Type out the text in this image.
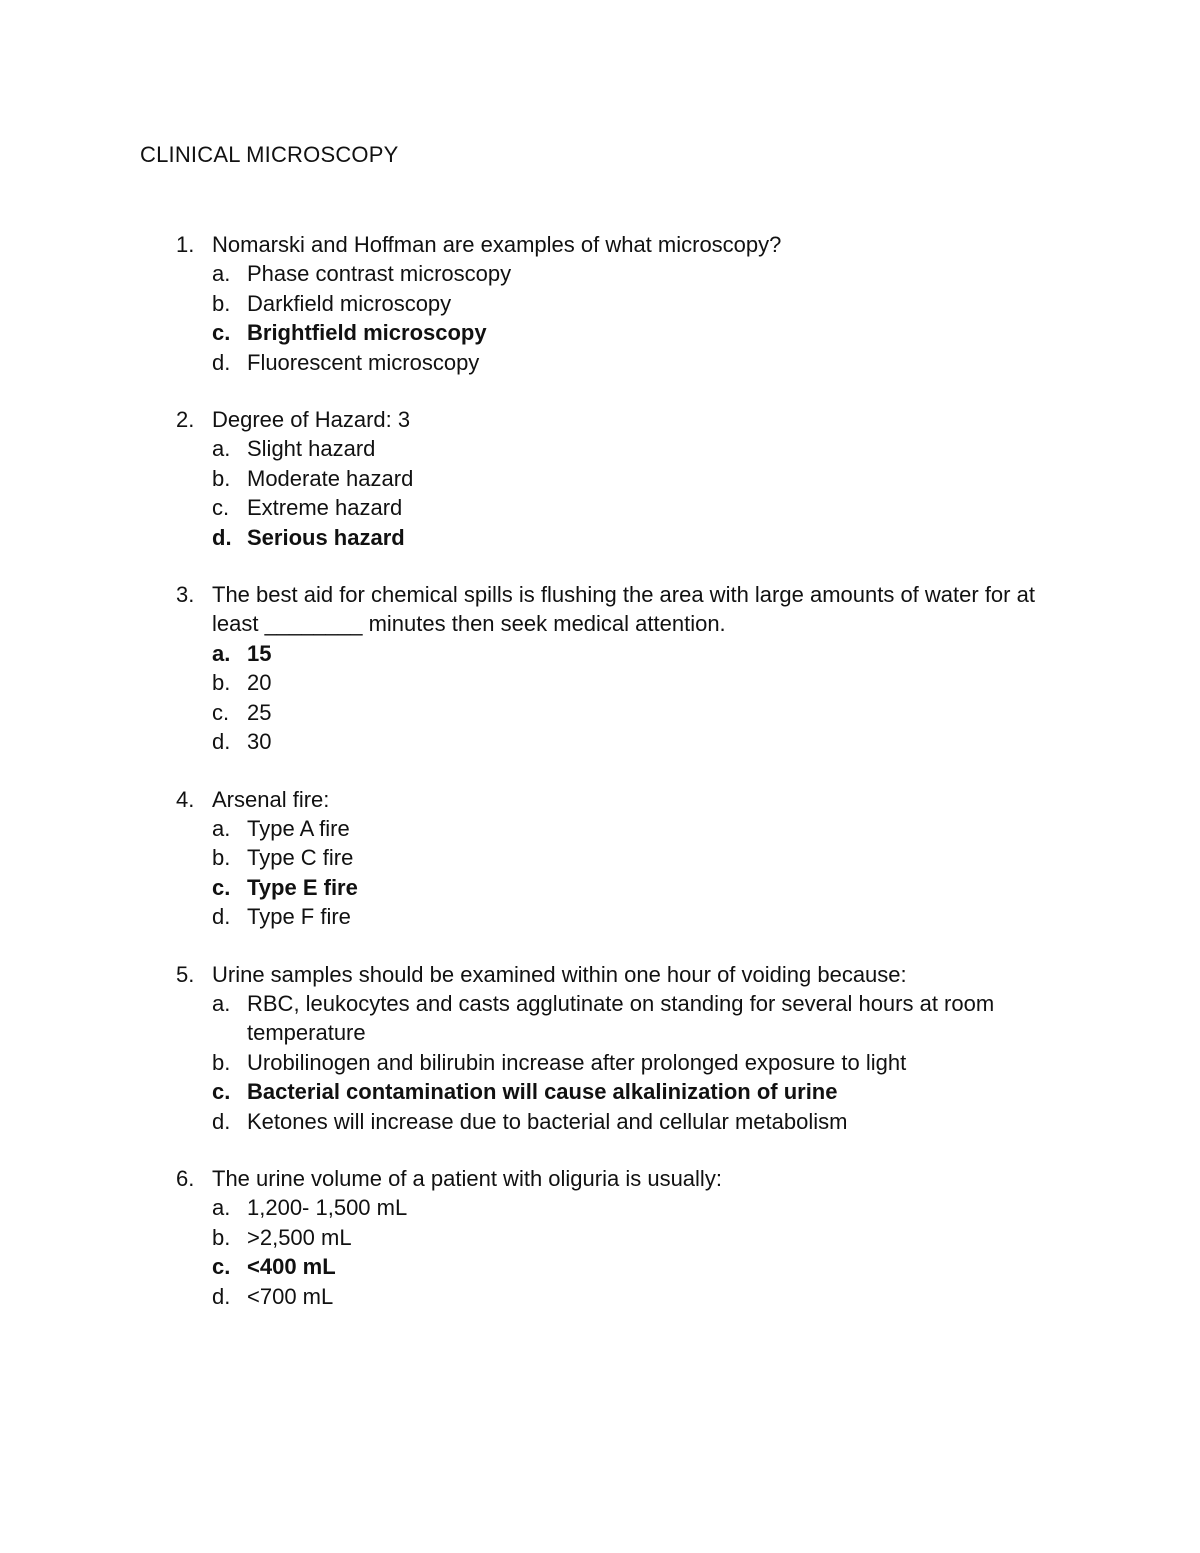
CLINICAL MICROSCOPY
1. Nomarski and Hoffman are examples of what microscopy?
a. Phase contrast microscopy
b. Darkfield microscopy
c. Brightfield microscopy
d. Fluorescent microscopy
2. Degree of Hazard: 3
a. Slight hazard
b. Moderate hazard
c. Extreme hazard
d. Serious hazard
3. The best aid for chemical spills is flushing the area with large amounts of water for at least ________ minutes then seek medical attention.
a. 15
b. 20
c. 25
d. 30
4. Arsenal fire:
a. Type A fire
b. Type C fire
c. Type E fire
d. Type F fire
5. Urine samples should be examined within one hour of voiding because:
a. RBC, leukocytes and casts agglutinate on standing for several hours at room temperature
b. Urobilinogen and bilirubin increase after prolonged exposure to light
c. Bacterial contamination will cause alkalinization of urine
d. Ketones will increase due to bacterial and cellular metabolism
6. The urine volume of a patient with oliguria is usually:
a. 1,200- 1,500 mL
b. >2,500 mL
c. <400 mL
d. <700 mL
